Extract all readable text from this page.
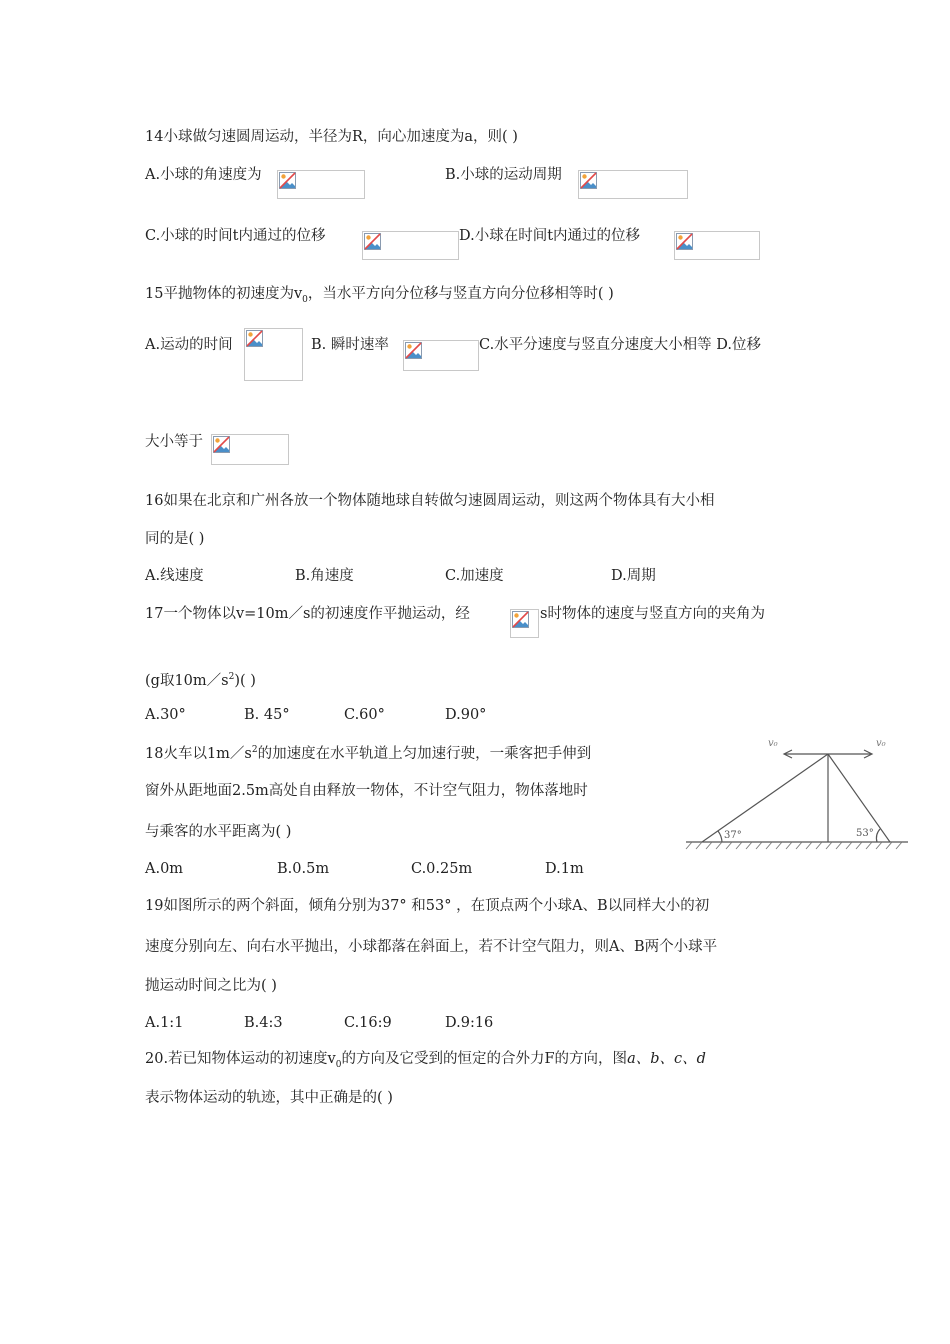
14小球做匀速圆周运动，半径为R，向心加速度为a，则( )
A.小球的角速度为	B.小球的运动周期
C.小球的时间t内通过的位移	D.小球在时间t内通过的位移
15平抛物体的初速度为$v_0$，当水平方向分位移与竖直方向分位移相等时( )
A.运动的时间	B. 瞬时速率	C.水平分速度与竖直分速度大小相等 D.位移
大小等于
16如果在北京和广州各放一个物体随地球自转做匀速圆周运动，则这两个物体具有大小相
同的是( )
A.线速度	B.角速度	C.加速度	D.周期
17一个物体以v=10m／s的初速度作平抛运动，经	s时物体的速度与竖直方向的夹角为
(g取$10m/s^2$)( )
A.30°	B. 45°	C.60°	D.90°
18火车以$1m/s^2$的加速度在水平轨道上匀加速行驶，一乘客把手伸到
窗外从距地面2.5m高处自由释放一物体，不计空气阻力，物体落地时
与乘客的水平距离为( )
A.0m	B.0.5m	C.0.25m	D.1m
v₀	v₀
37°	53°
19如图所示的两个斜面，倾角分别为37° 和53° ，在顶点两个小球A、B以同样大小的初
速度分别向左、向右水平抛出，小球都落在斜面上，若不计空气阻力，则A、B两个小球平
抛运动时间之比为( )
A.1:1	B.4:3	C.16:9	D.9:16
20.若已知物体运动的初速度$v_0$的方向及它受到的恒定的合外力F的方向，图a、b、c、d
表示物体运动的轨迹，其中正确是的( )
